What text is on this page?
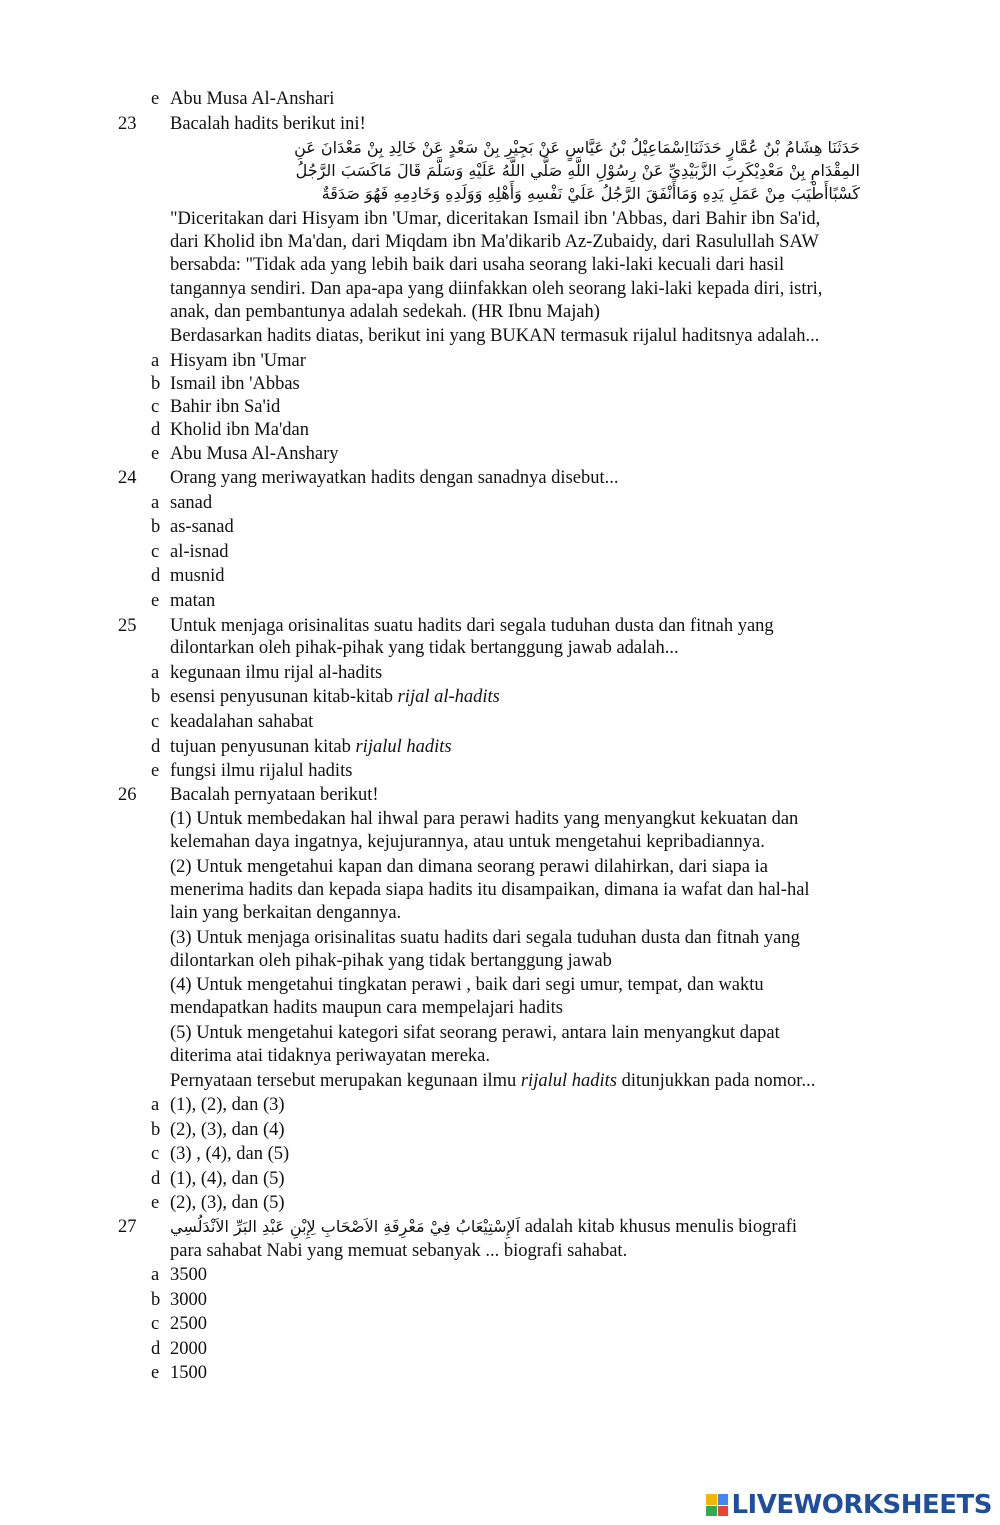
e Abu Musa Al-Anshari
23 Bacalah hadits berikut ini!
حَدَثَنَا هِشَامُ بْنُ عُمَّارٍ حَدَثَنَااِسْمَاعِيْلُ بْنُ عَيَّاسٍ عَنْ بَجِيْرِ بِنْ سَعْدٍ عَنْ خَالِدِ بِنْ مَعْدَانَ عَنِ
المِقْدَامِ بِنْ مَعْدِيْكَرِبَ الزَّبَيْدِيِّ عَنْ رِسُوْلِ اللَّهِ صَلَّي اللَّهُ عَلَيْهِ وَسَلَّمَ قَالَ مَاكَسَبَ الرَّجُلُ
كَسْبًاأَطْيَبَ مِنْ عَمَلِ يَدِهِ وَمَاأَنْفَقَ الرَّجُلُ عَلَيْ نَفْسِهِ وَأَهْلِهِ وَوَلَدِهِ وَخَادِمِهِ فَهُوَ صَدَقَةٌ
"Diceritakan dari Hisyam ibn 'Umar, diceritakan Ismail ibn 'Abbas, dari Bahir ibn Sa'id,
dari Kholid ibn Ma'dan, dari Miqdam ibn Ma'dikarib Az-Zubaidy, dari Rasulullah SAW
bersabda: "Tidak ada yang lebih baik dari usaha seorang laki-laki kecuali dari hasil
tangannya sendiri. Dan apa-apa yang diinfakkan oleh seorang laki-laki kepada diri, istri,
anak, dan pembantunya adalah sedekah. (HR Ibnu Majah)
Berdasarkan hadits diatas, berikut ini yang BUKAN termasuk rijalul haditsnya adalah...
a Hisyam ibn 'Umar
b Ismail ibn 'Abbas
c Bahir ibn Sa'id
d Kholid ibn Ma'dan
e Abu Musa Al-Anshary
24 Orang yang meriwayatkan hadits dengan sanadnya disebut...
a sanad
b as-sanad
c al-isnad
d musnid
e matan
25 Untuk menjaga orisinalitas suatu hadits dari segala tuduhan dusta dan fitnah yang
dilontarkan oleh pihak-pihak yang tidak bertanggung jawab adalah...
a kegunaan ilmu rijal al-hadits
b esensi penyusunan kitab-kitab rijal al-hadits
c keadalahan sahabat
d tujuan penyusunan kitab rijalul hadits
e fungsi ilmu rijalul hadits
26 Bacalah pernyataan berikut!
(1) Untuk membedakan hal ihwal para perawi hadits yang menyangkut kekuatan dan
kelemahan daya ingatnya, kejujurannya, atau untuk mengetahui kepribadiannya.
(2) Untuk mengetahui kapan dan dimana seorang perawi dilahirkan, dari siapa ia
menerima hadits dan kepada siapa hadits itu disampaikan, dimana ia wafat dan hal-hal
lain yang berkaitan dengannya.
(3) Untuk menjaga orisinalitas suatu hadits dari segala tuduhan dusta dan fitnah yang
dilontarkan oleh pihak-pihak yang tidak bertanggung jawab
(4) Untuk mengetahui tingkatan perawi , baik dari segi umur, tempat, dan waktu
mendapatkan hadits maupun cara mempelajari hadits
(5) Untuk mengetahui kategori sifat seorang perawi, antara lain menyangkut dapat
diterima atai tidaknya periwayatan mereka.
Pernyataan tersebut merupakan kegunaan ilmu rijalul hadits ditunjukkan pada nomor...
a (1), (2), dan (3)
b (2), (3), dan (4)
c (3) , (4), dan (5)
d (1), (4), dan (5)
e (2), (3), dan (5)
27 اَلإِسْتِيْعَابُ فِيْ مَعْرِفَةِ الاَصْحَابِ لِإِبْنِ عَبْدِ البَرِّ الاَنْدَلُسِي adalah kitab khusus menulis biografi
para sahabat Nabi yang memuat sebanyak ... biografi sahabat.
a 3500
b 3000
c 2500
d 2000
e 1500
LIVEWORKSHEETS
